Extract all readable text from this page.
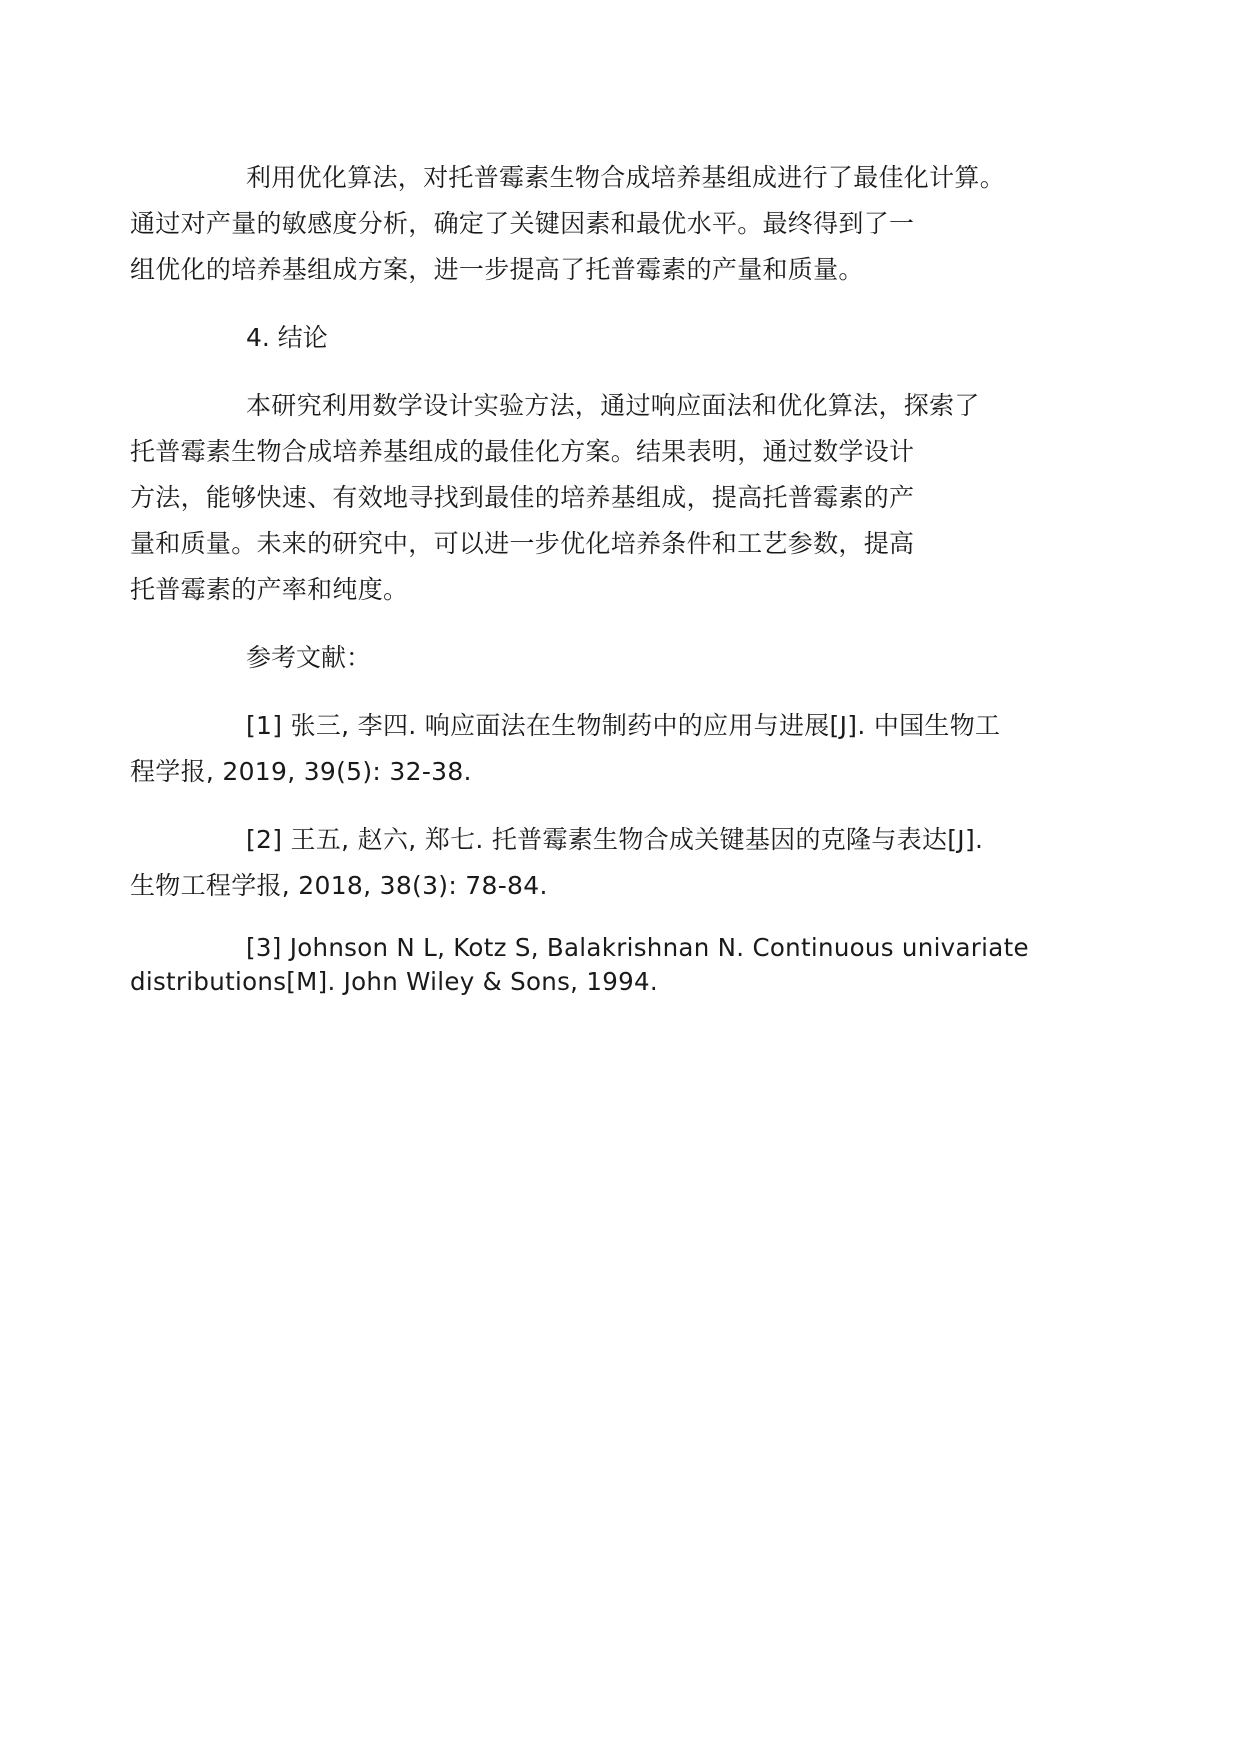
利用优化算法，对托普霉素生物合成培养基组成进行了最佳化计算。
通过对产量的敏感度分析，确定了关键因素和最优水平。最终得到了一
组优化的培养基组成方案，进一步提高了托普霉素的产量和质量。

4. 结论

本研究利用数学设计实验方法，通过响应面法和优化算法，探索了
托普霉素生物合成培养基组成的最佳化方案。结果表明，通过数学设计
方法，能够快速、有效地寻找到最佳的培养基组成，提高托普霉素的产
量和质量。未来的研究中，可以进一步优化培养条件和工艺参数，提高
托普霉素的产率和纯度。

参考文献：

[1] 张三, 李四. 响应面法在生物制药中的应用与进展[J]. 中国生物工
程学报, 2019, 39(5): 32-38.

[2] 王五, 赵六, 郑七. 托普霉素生物合成关键基因的克隆与表达[J].
生物工程学报, 2018, 38(3): 78-84.

[3] Johnson N L, Kotz S, Balakrishnan N. Continuous univariate
distributions[M]. John Wiley & Sons, 1994.
